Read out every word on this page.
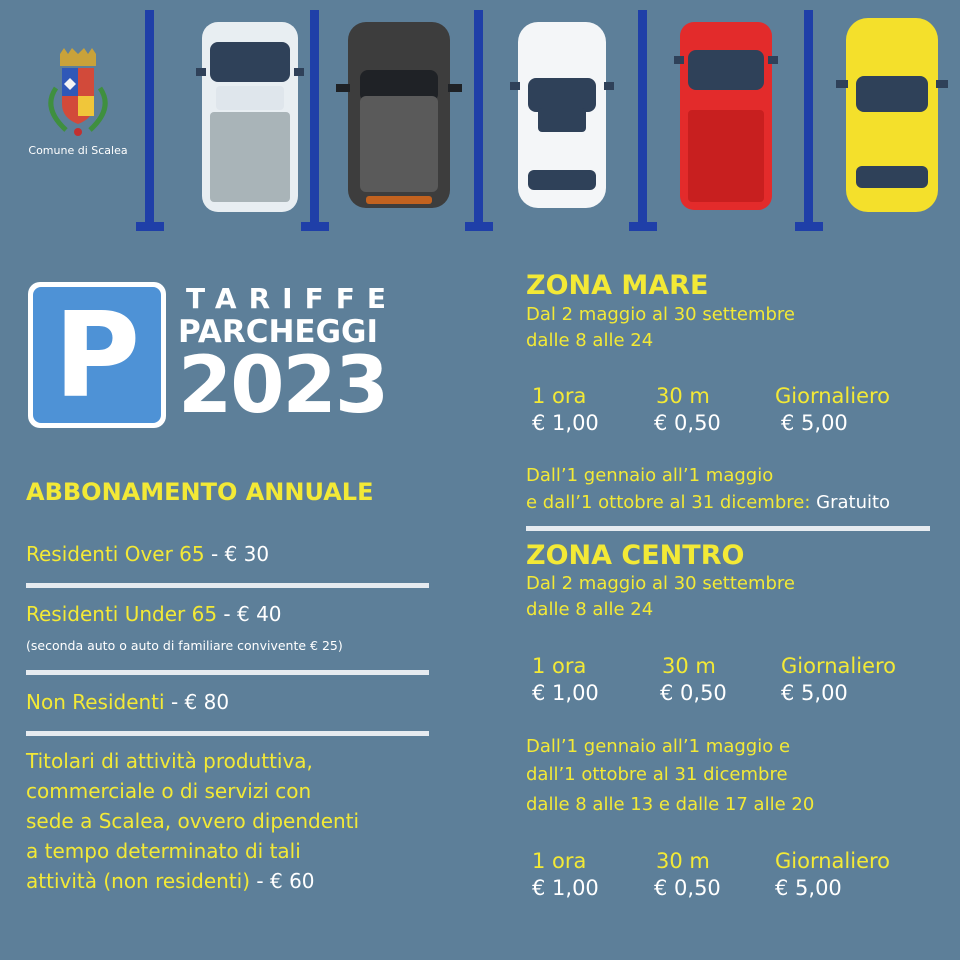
Comune di Scalea
P	TARIFFE
PARCHEGGI
2023
ABBONAMENTO ANNUALE
Residenti Over 65 - € 30
Residenti Under 65 - € 40
(seconda auto o auto di familiare convivente € 25)
Non Residenti - € 80
Titolari di attività produttiva,
commerciale o di servizi con
sede a Scalea, ovvero dipendenti
a tempo determinato di tali
attività (non residenti) - € 60
ZONA MARE
Dal 2 maggio al 30 settembre
dalle 8 alle 24
1 ora
€ 1,00
30 m
€ 0,50
Giornaliero
€ 5,00
Dall’1 gennaio all’1 maggio
e dall’1 ottobre al 31 dicembre: Gratuito
ZONA CENTRO
Dal 2 maggio al 30 settembre
dalle 8 alle 24
1 ora
€ 1,00
30 m
€ 0,50
Giornaliero
€ 5,00
Dall’1 gennaio all’1 maggio e
dall’1 ottobre al 31 dicembre
dalle 8 alle 13 e dalle 17 alle 20
1 ora
€ 1,00
30 m
€ 0,50
Giornaliero
€ 5,00
